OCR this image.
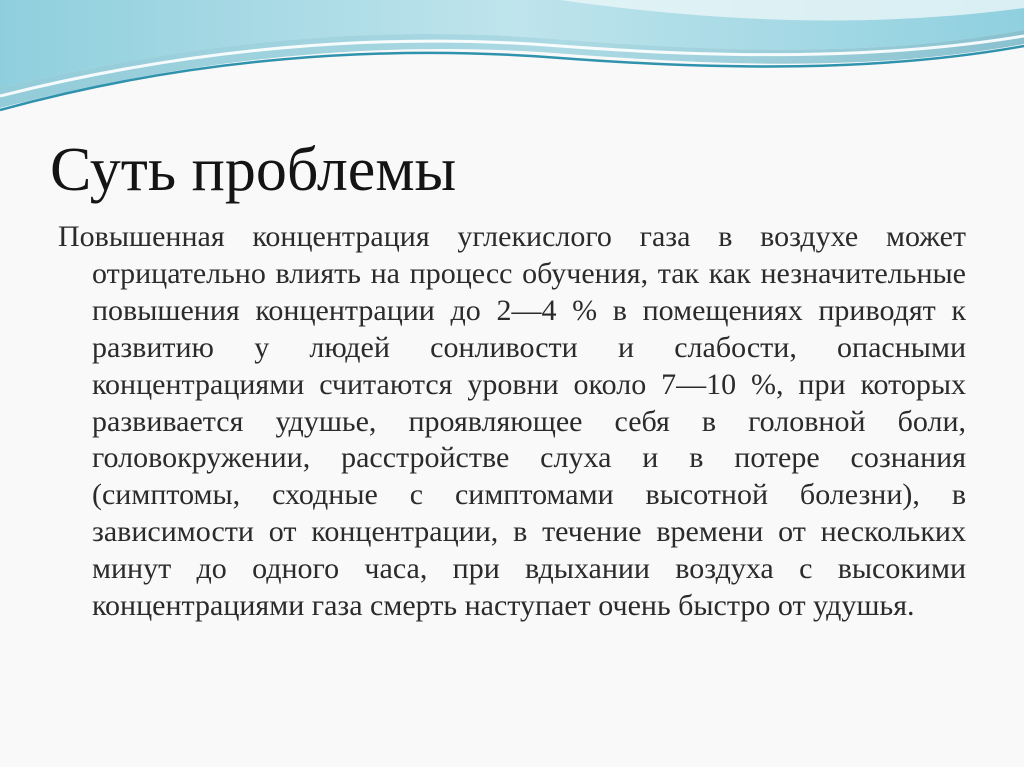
Суть проблемы

Повышенная концентрация углекислого газа в воздухе может отрицательно влиять на процесс обучения, так как незначительные повышения концентрации до 2—4 % в помещениях приводят к развитию у людей сонливости и слабости, опасными концентрациями считаются уровни около 7—10 %, при которых развивается удушье, проявляющее себя в головной боли, головокружении, расстройстве слуха и в потере сознания (симптомы, сходные с симптомами высотной болезни), в зависимости от концентрации, в течение времени от нескольких минут до одного часа, при вдыхании воздуха с высокими концентрациями газа смерть наступает очень быстро от удушья.
